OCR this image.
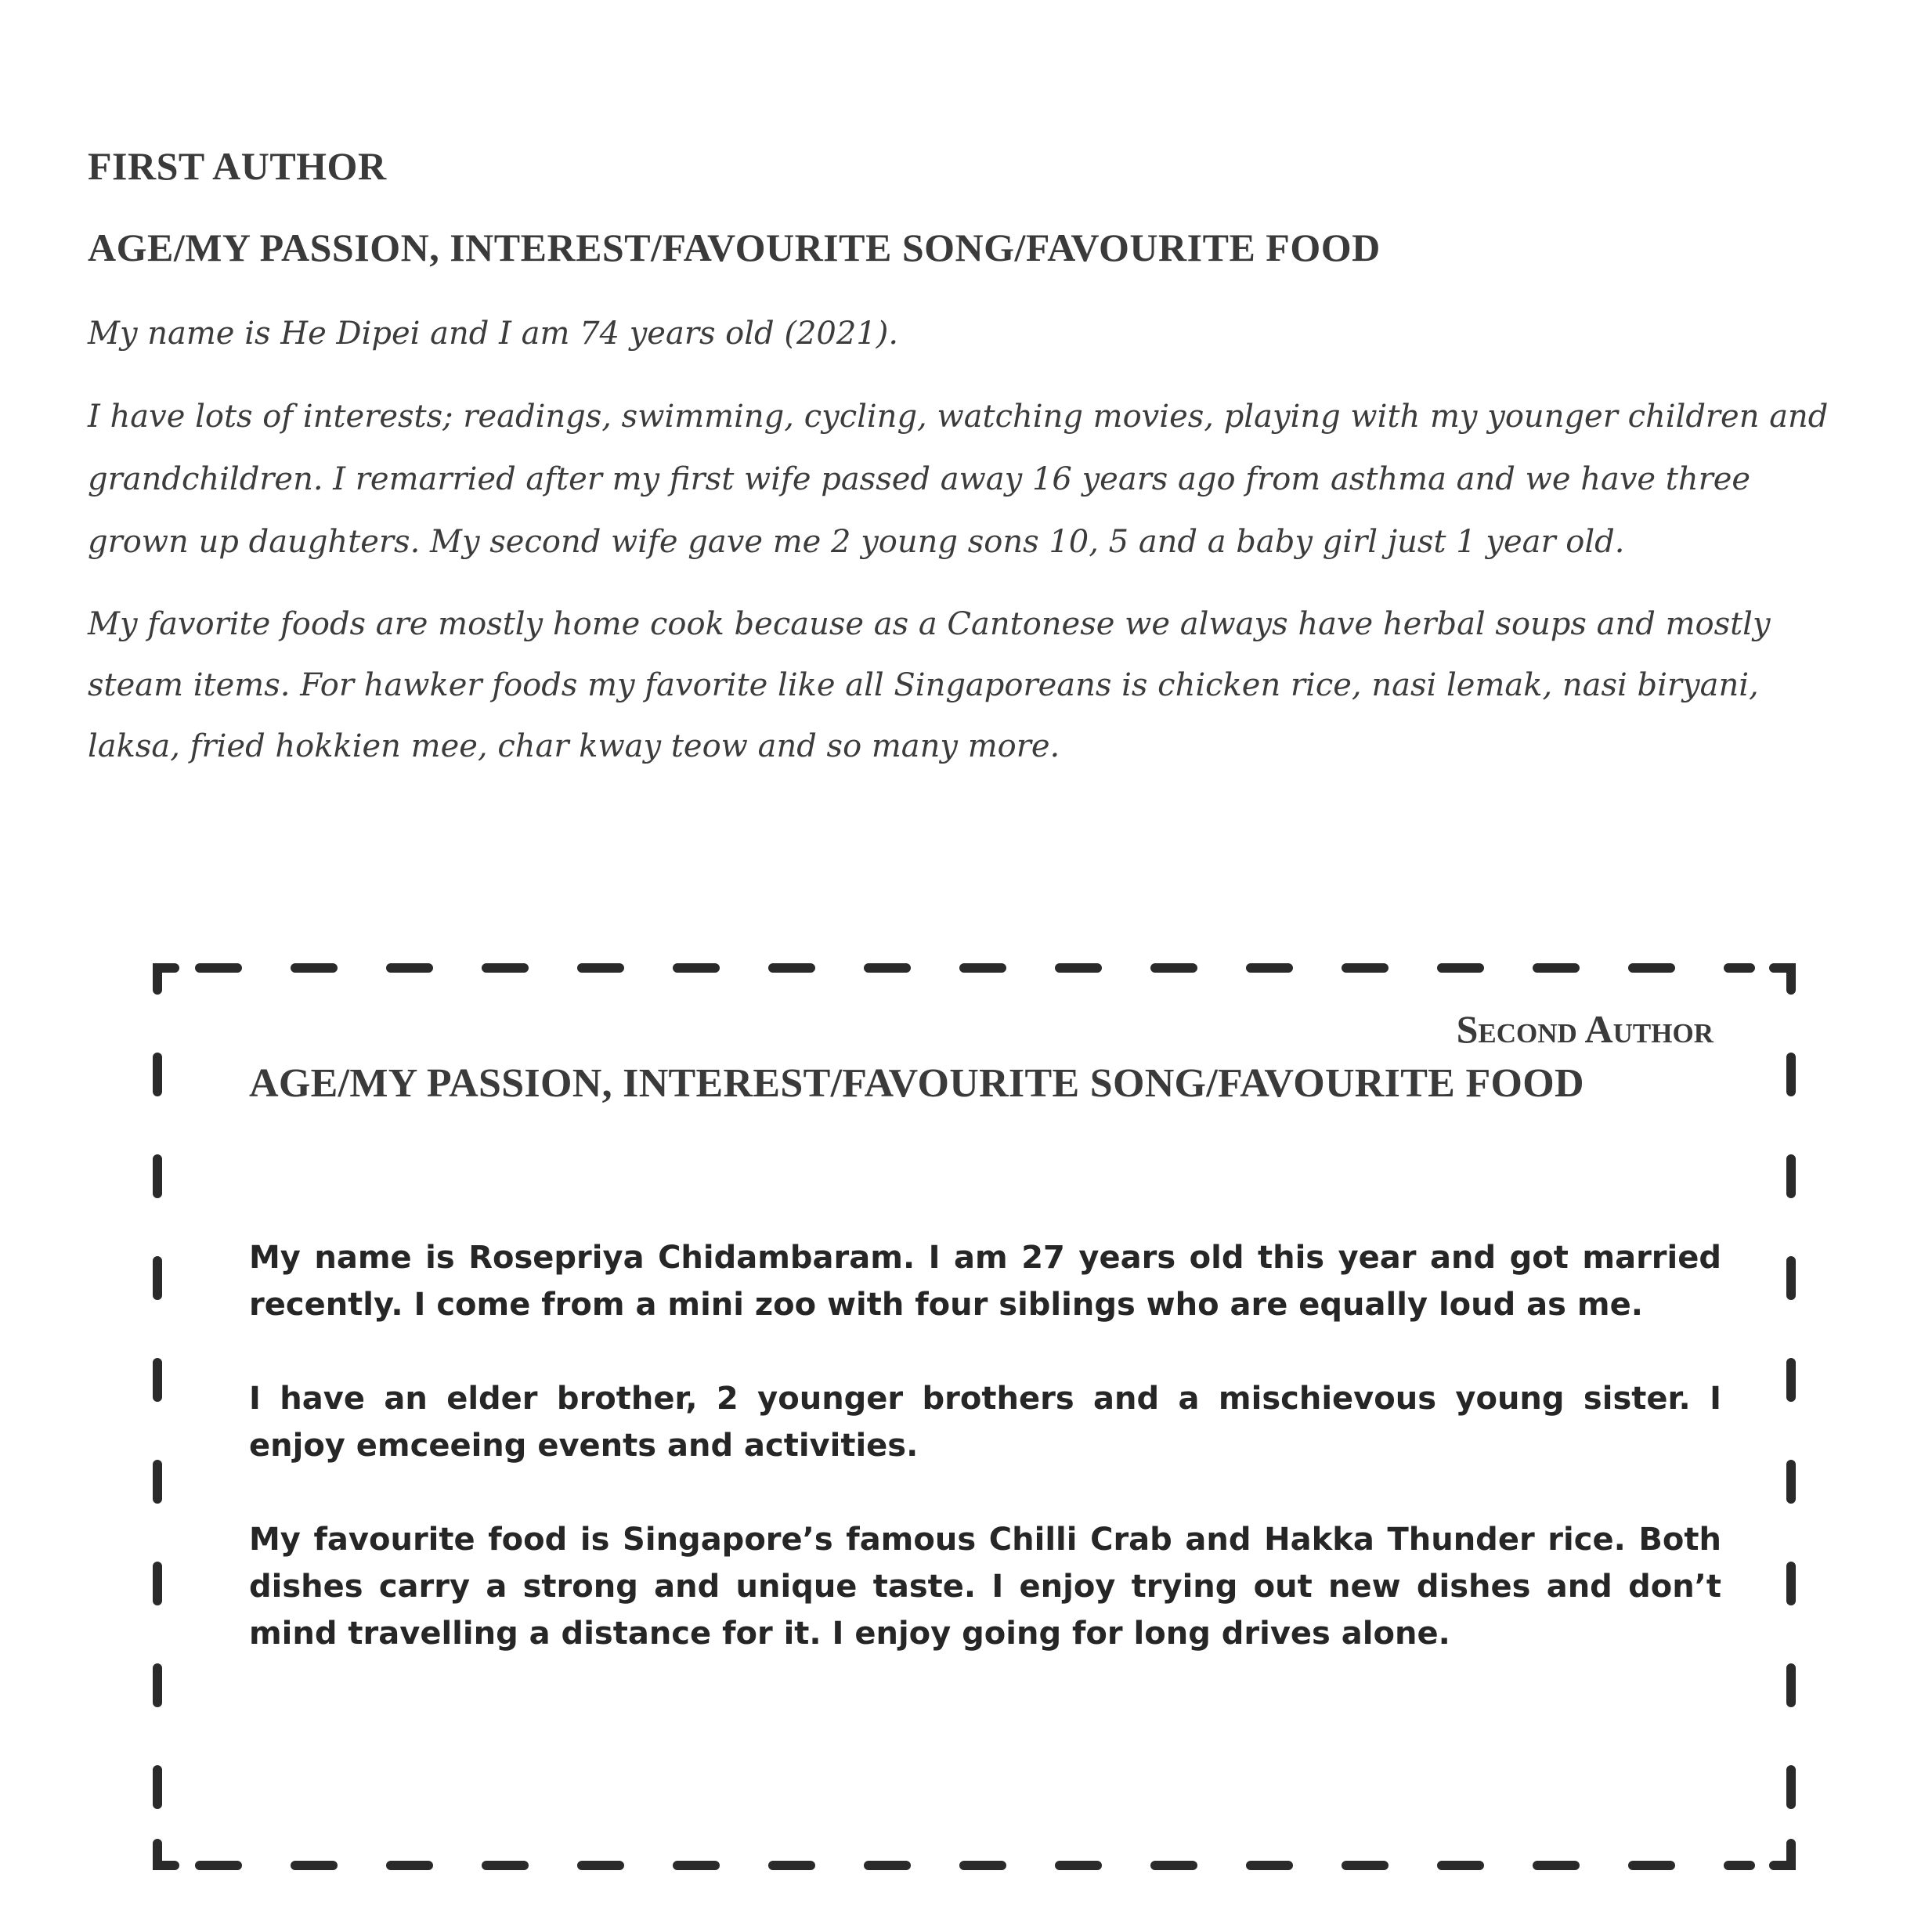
FIRST AUTHOR
AGE/MY PASSION, INTEREST/FAVOURITE SONG/FAVOURITE FOOD

My name is He Dipei and I am 74 years old (2021).

I have lots of interests; readings, swimming, cycling, watching movies, playing with my younger children and grandchildren. I remarried after my first wife passed away 16 years ago from asthma and we have three grown up daughters. My second wife gave me 2 young sons 10, 5 and a baby girl just 1 year old.

My favorite foods are mostly home cook because as a Cantonese we always have herbal soups and mostly steam items. For hawker foods my favorite like all Singaporeans is chicken rice, nasi lemak, nasi biryani, laksa, fried hokkien mee, char kway teow and so many more.

Second Author
AGE/MY PASSION, INTEREST/FAVOURITE SONG/FAVOURITE FOOD

My name is Rosepriya Chidambaram. I am 27 years old this year and got married recently. I come from a mini zoo with four siblings who are equally loud as me.

I have an elder brother, 2 younger brothers and a mischievous young sister. I enjoy emceeing events and activities.

My favourite food is Singapore’s famous Chilli Crab and Hakka Thunder rice. Both dishes carry a strong and unique taste. I enjoy trying out new dishes and don’t mind travelling a distance for it. I enjoy going for long drives alone.
